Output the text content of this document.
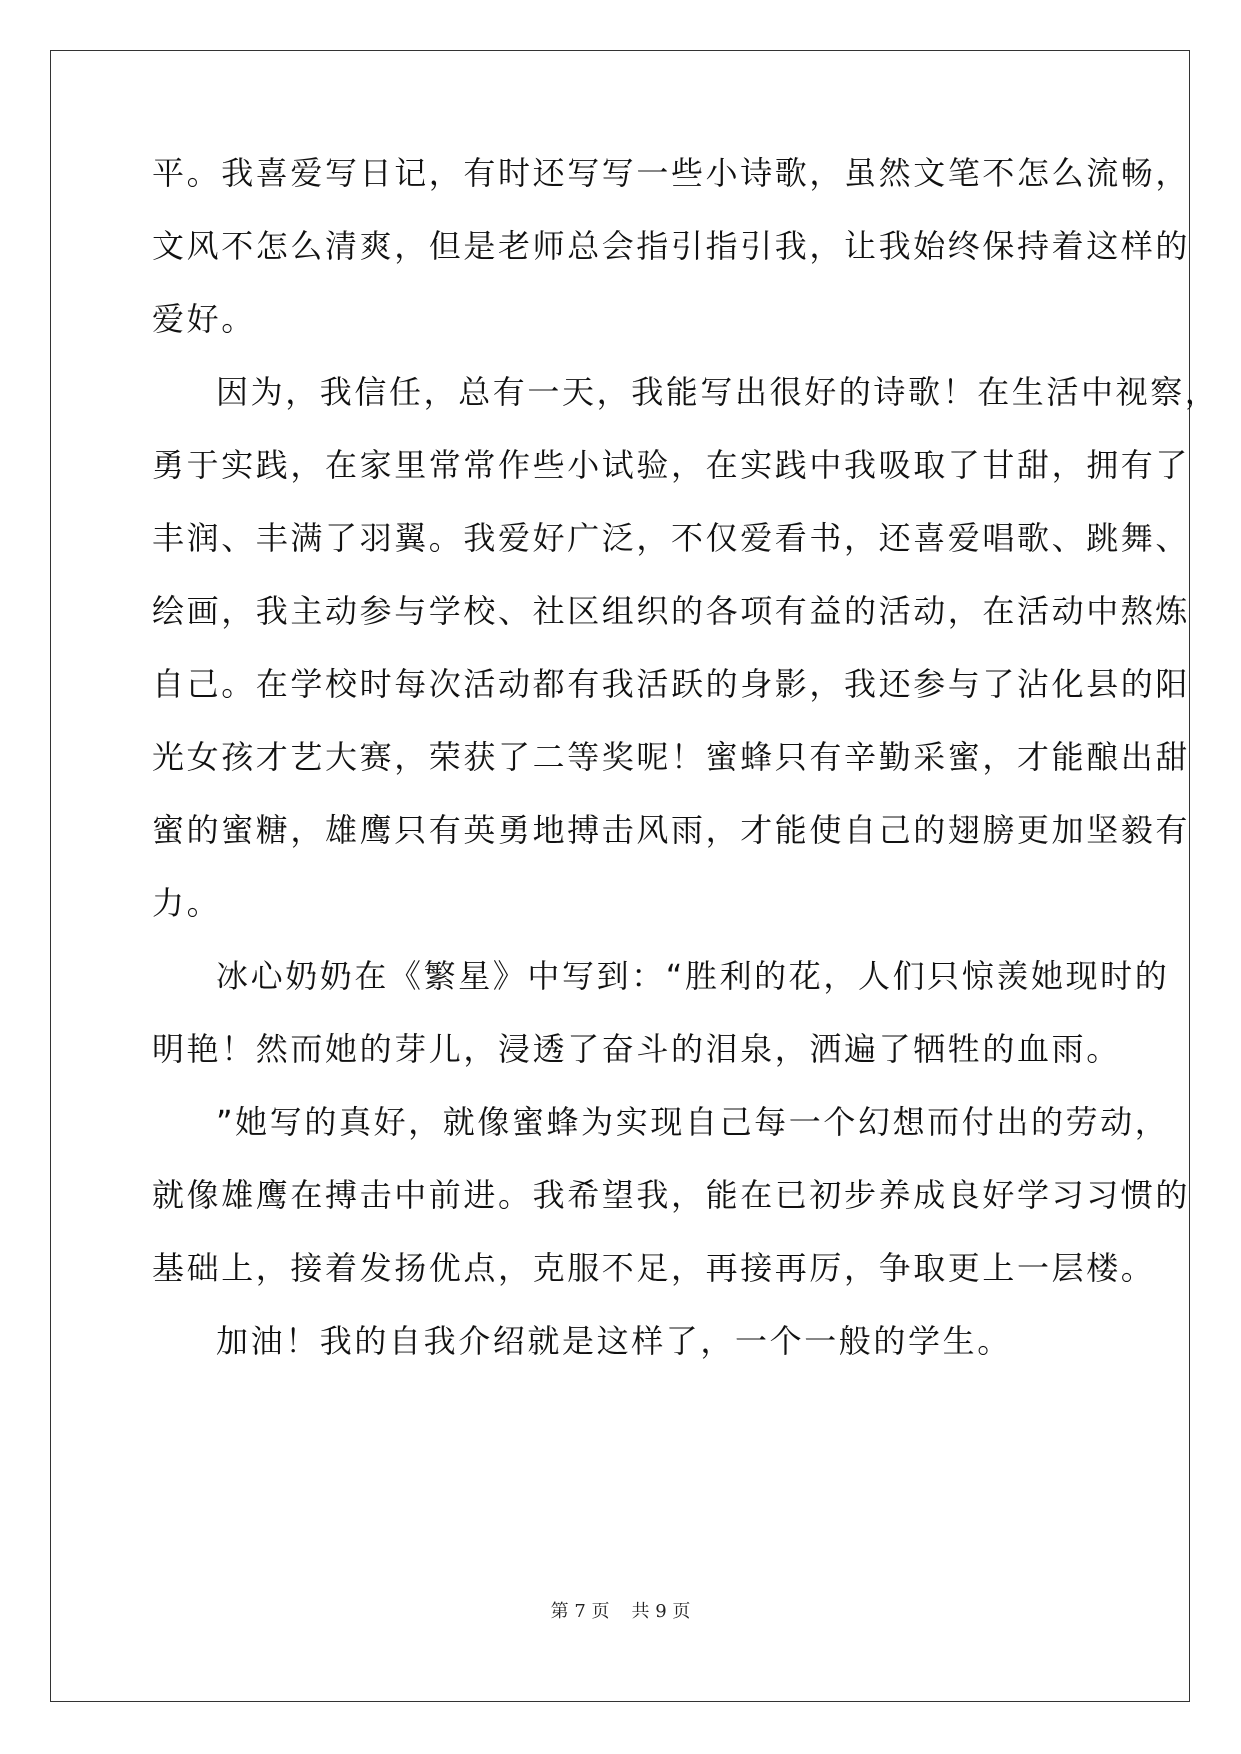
平。我喜爱写日记，有时还写写一些小诗歌，虽然文笔不怎么流畅，
文风不怎么清爽，但是老师总会指引指引我，让我始终保持着这样的
爱好。
因为，我信任，总有一天，我能写出很好的诗歌！在生活中视察，
勇于实践，在家里常常作些小试验，在实践中我吸取了甘甜，拥有了
丰润、丰满了羽翼。我爱好广泛，不仅爱看书，还喜爱唱歌、跳舞、
绘画，我主动参与学校、社区组织的各项有益的活动，在活动中熬炼
自己。在学校时每次活动都有我活跃的身影，我还参与了沾化县的阳
光女孩才艺大赛，荣获了二等奖呢！蜜蜂只有辛勤采蜜，才能酿出甜
蜜的蜜糖，雄鹰只有英勇地搏击风雨，才能使自己的翅膀更加坚毅有
力。
冰心奶奶在《繁星》中写到：“胜利的花，人们只惊羡她现时的
明艳！然而她的芽儿，浸透了奋斗的泪泉，洒遍了牺牲的血雨。
”她写的真好，就像蜜蜂为实现自己每一个幻想而付出的劳动，
就像雄鹰在搏击中前进。我希望我，能在已初步养成良好学习习惯的
基础上，接着发扬优点，克服不足，再接再厉，争取更上一层楼。
加油！我的自我介绍就是这样了，一个一般的学生。
第 7 页 共 9 页
